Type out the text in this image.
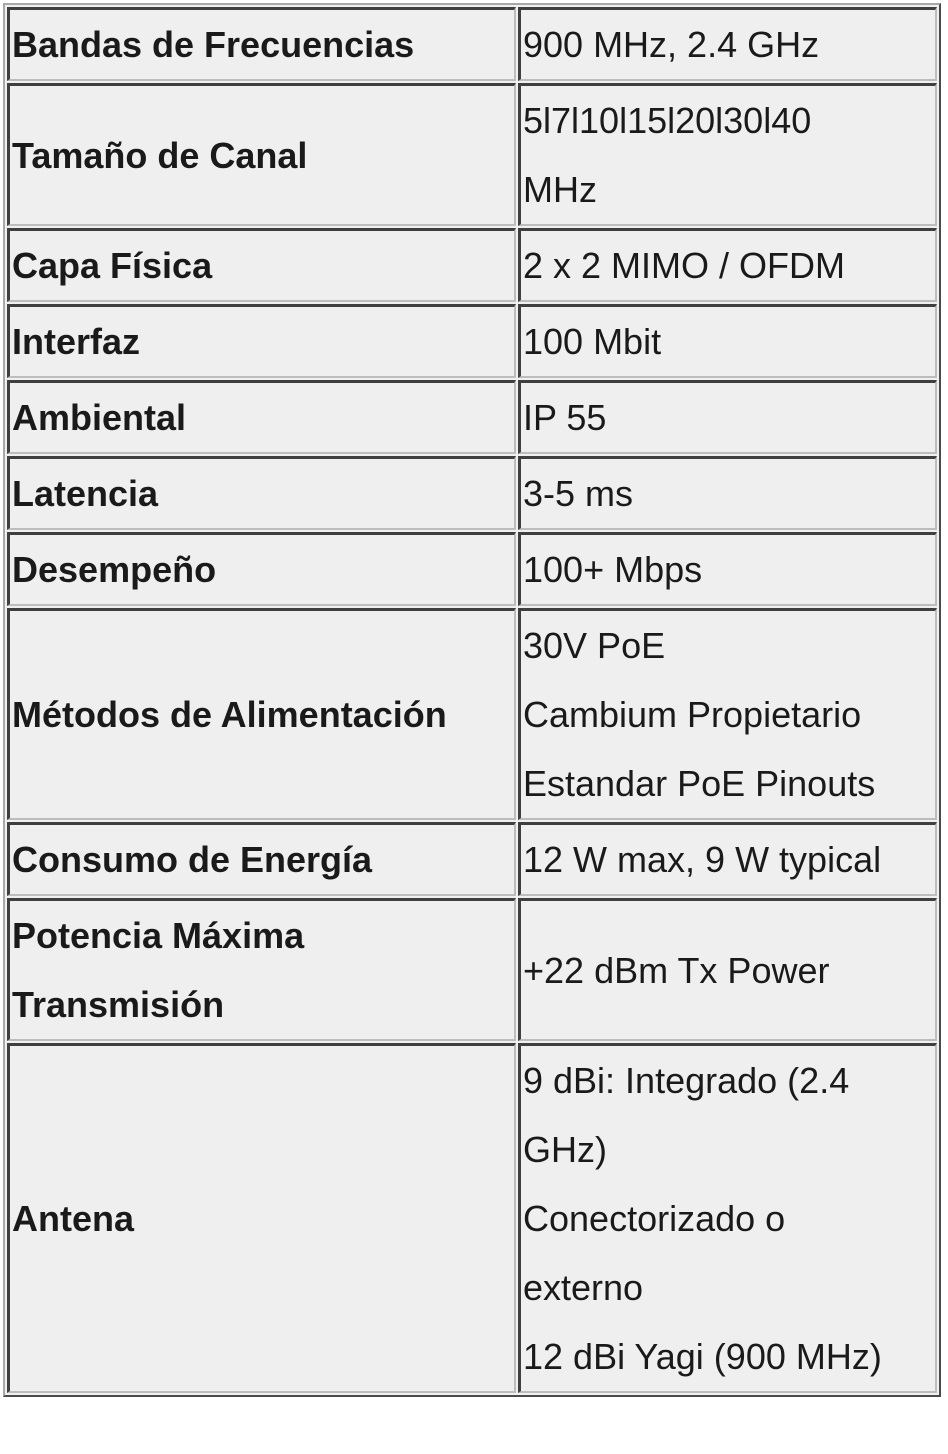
Bandas de Frecuencias	900 MHz, 2.4 GHz

Tamaño de Canal	5l7l10l15l20l30l40
MHz

Capa Física	2 x 2 MIMO / OFDM

Interfaz	100 Mbit

Ambiental	IP 55

Latencia	3-5 ms

Desempeño	100+ Mbps

Métodos de Alimentación	30V PoE
Cambium Propietario
Estandar PoE Pinouts

Consumo de Energía	12 W max, 9 W typical

Potencia Máxima
Transmisión	+22 dBm Tx Power

Antena	9 dBi: Integrado (2.4
GHz)
Conectorizado o
externo
12 dBi Yagi (900 MHz)
